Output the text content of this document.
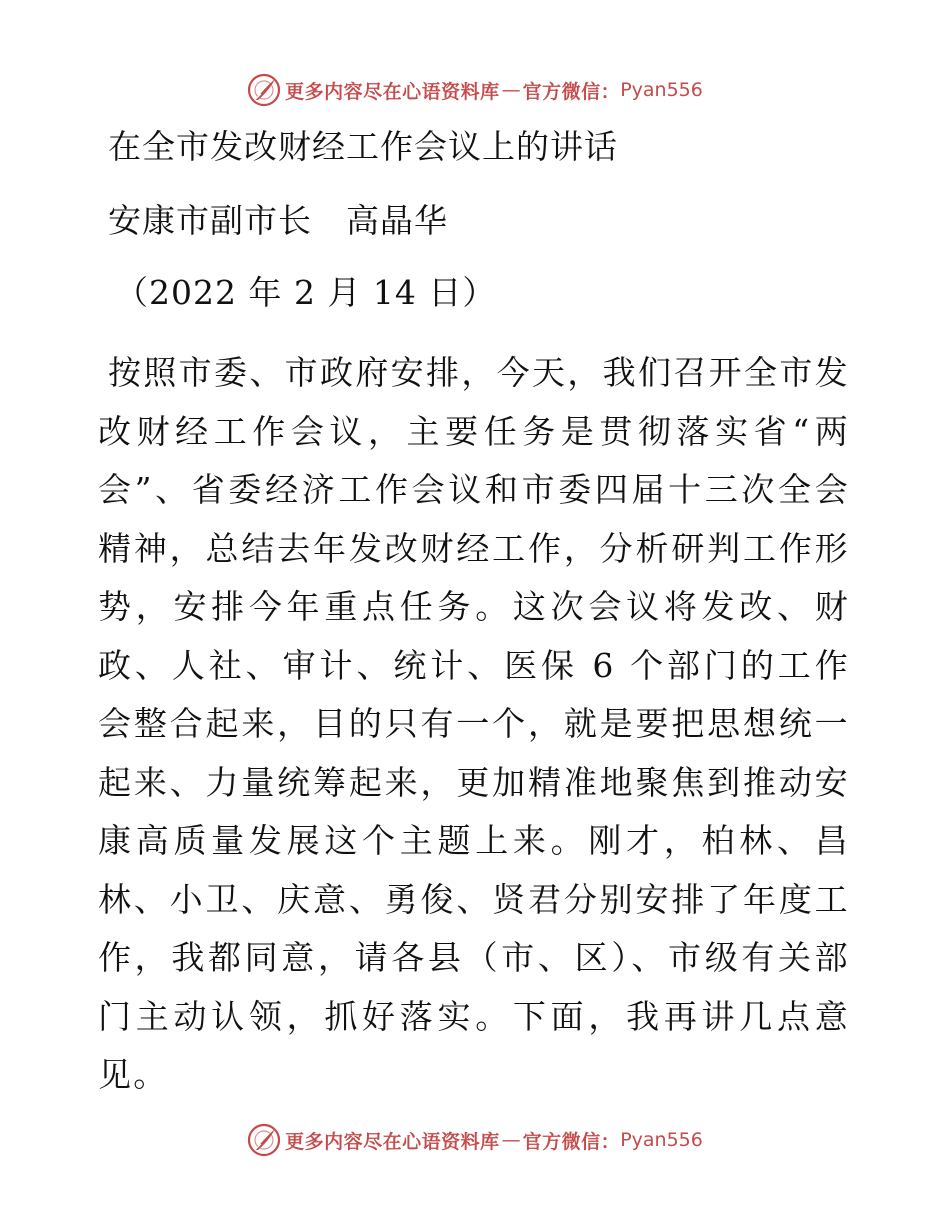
更多内容尽在心语资料库 — 官方微信： Pyan556
在全市发改财经工作会议上的讲话
安康市副市长　高晶华
（2022 年 2 月 14 日）
按照市委、市政府安排，今天，我们召开全市发改财经工作会议，主要任务是贯彻落实省“两会”、省委经济工作会议和市委四届十三次全会精神，总结去年发改财经工作，分析研判工作形势，安排今年重点任务。这次会议将发改、财政、人社、审计、统计、医保 6 个部门的工作会整合起来，目的只有一个，就是要把思想统一起来、力量统筹起来，更加精准地聚焦到推动安康高质量发展这个主题上来。刚才，柏林、昌林、小卫、庆意、勇俊、贤君分别安排了年度工作，我都同意，请各县（市、区）、市级有关部门主动认领，抓好落实。下面，我再讲几点意见。
更多内容尽在心语资料库 — 官方微信： Pyan556
